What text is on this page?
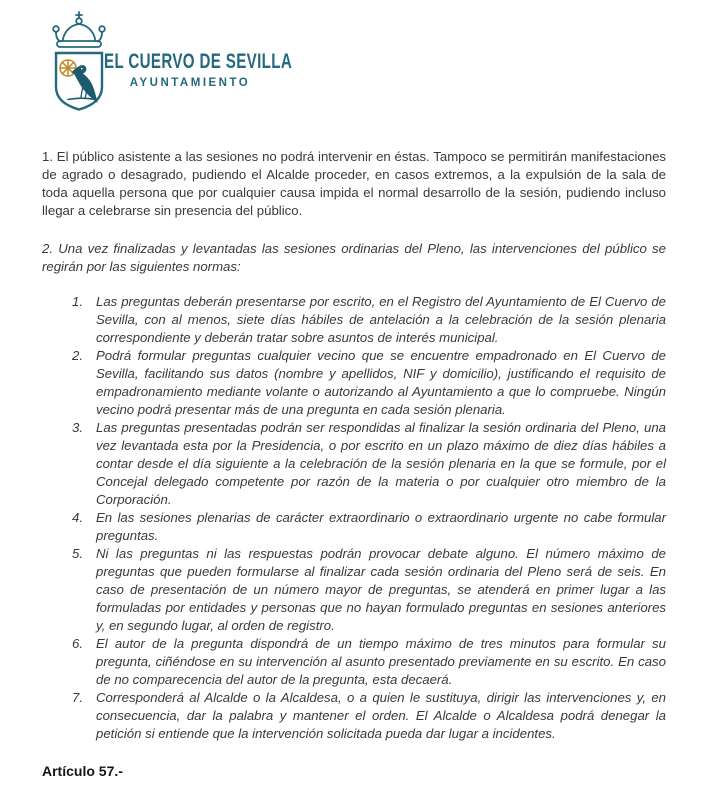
EL CUERVO DE SEVILLA
AYUNTAMIENTO

1. El público asistente a las sesiones no podrá intervenir en éstas. Tampoco se permitirán manifestaciones de agrado o desagrado, pudiendo el Alcalde proceder, en casos extremos, a la expulsión de la sala de toda aquella persona que por cualquier causa impida el normal desarrollo de la sesión, pudiendo incluso llegar a celebrarse sin presencia del público.

2. Una vez finalizadas y levantadas las sesiones ordinarias del Pleno, las intervenciones del público se regirán por las siguientes normas:

Las preguntas deberán presentarse por escrito, en el Registro del Ayuntamiento de El Cuervo de Sevilla, con al menos, siete días hábiles de antelación a la celebración de la sesión plenaria correspondiente y deberán tratar sobre asuntos de interés municipal.
Podrá formular preguntas cualquier vecino que se encuentre empadronado en El Cuervo de Sevilla, facilitando sus datos (nombre y apellidos, NIF y domicilio), justificando el requisito de empadronamiento mediante volante o autorizando al Ayuntamiento a que lo compruebe. Ningún vecino podrá presentar más de una pregunta en cada sesión plenaria.
Las preguntas presentadas podrán ser respondidas al finalizar la sesión ordinaria del Pleno, una vez levantada esta por la Presidencia, o por escrito en un plazo máximo de diez días hábiles a contar desde el día siguiente a la celebración de la sesión plenaria en la que se formule, por el Concejal delegado competente por razón de la materia o por cualquier otro miembro de la Corporación.
En las sesiones plenarias de carácter extraordinario o extraordinario urgente no cabe formular preguntas.
Ni las preguntas ni las respuestas podrán provocar debate alguno. El número máximo de preguntas que pueden formularse al finalizar cada sesión ordinaria del Pleno será de seis. En caso de presentación de un número mayor de preguntas, se atenderá en primer lugar a las formuladas por entidades y personas que no hayan formulado preguntas en sesiones anteriores y, en segundo lugar, al orden de registro.
El autor de la pregunta dispondrá de un tiempo máximo de tres minutos para formular su pregunta, ciñéndose en su intervención al asunto presentado previamente en su escrito. En caso de no comparecencia del autor de la pregunta, esta decaerá.
Corresponderá al Alcalde o la Alcaldesa, o a quien le sustituya, dirigir las intervenciones y, en consecuencia, dar la palabra y mantener el orden. El Alcalde o Alcaldesa podrá denegar la petición si entiende que la intervención solicitada pueda dar lugar a incidentes.
Artículo 57.-
